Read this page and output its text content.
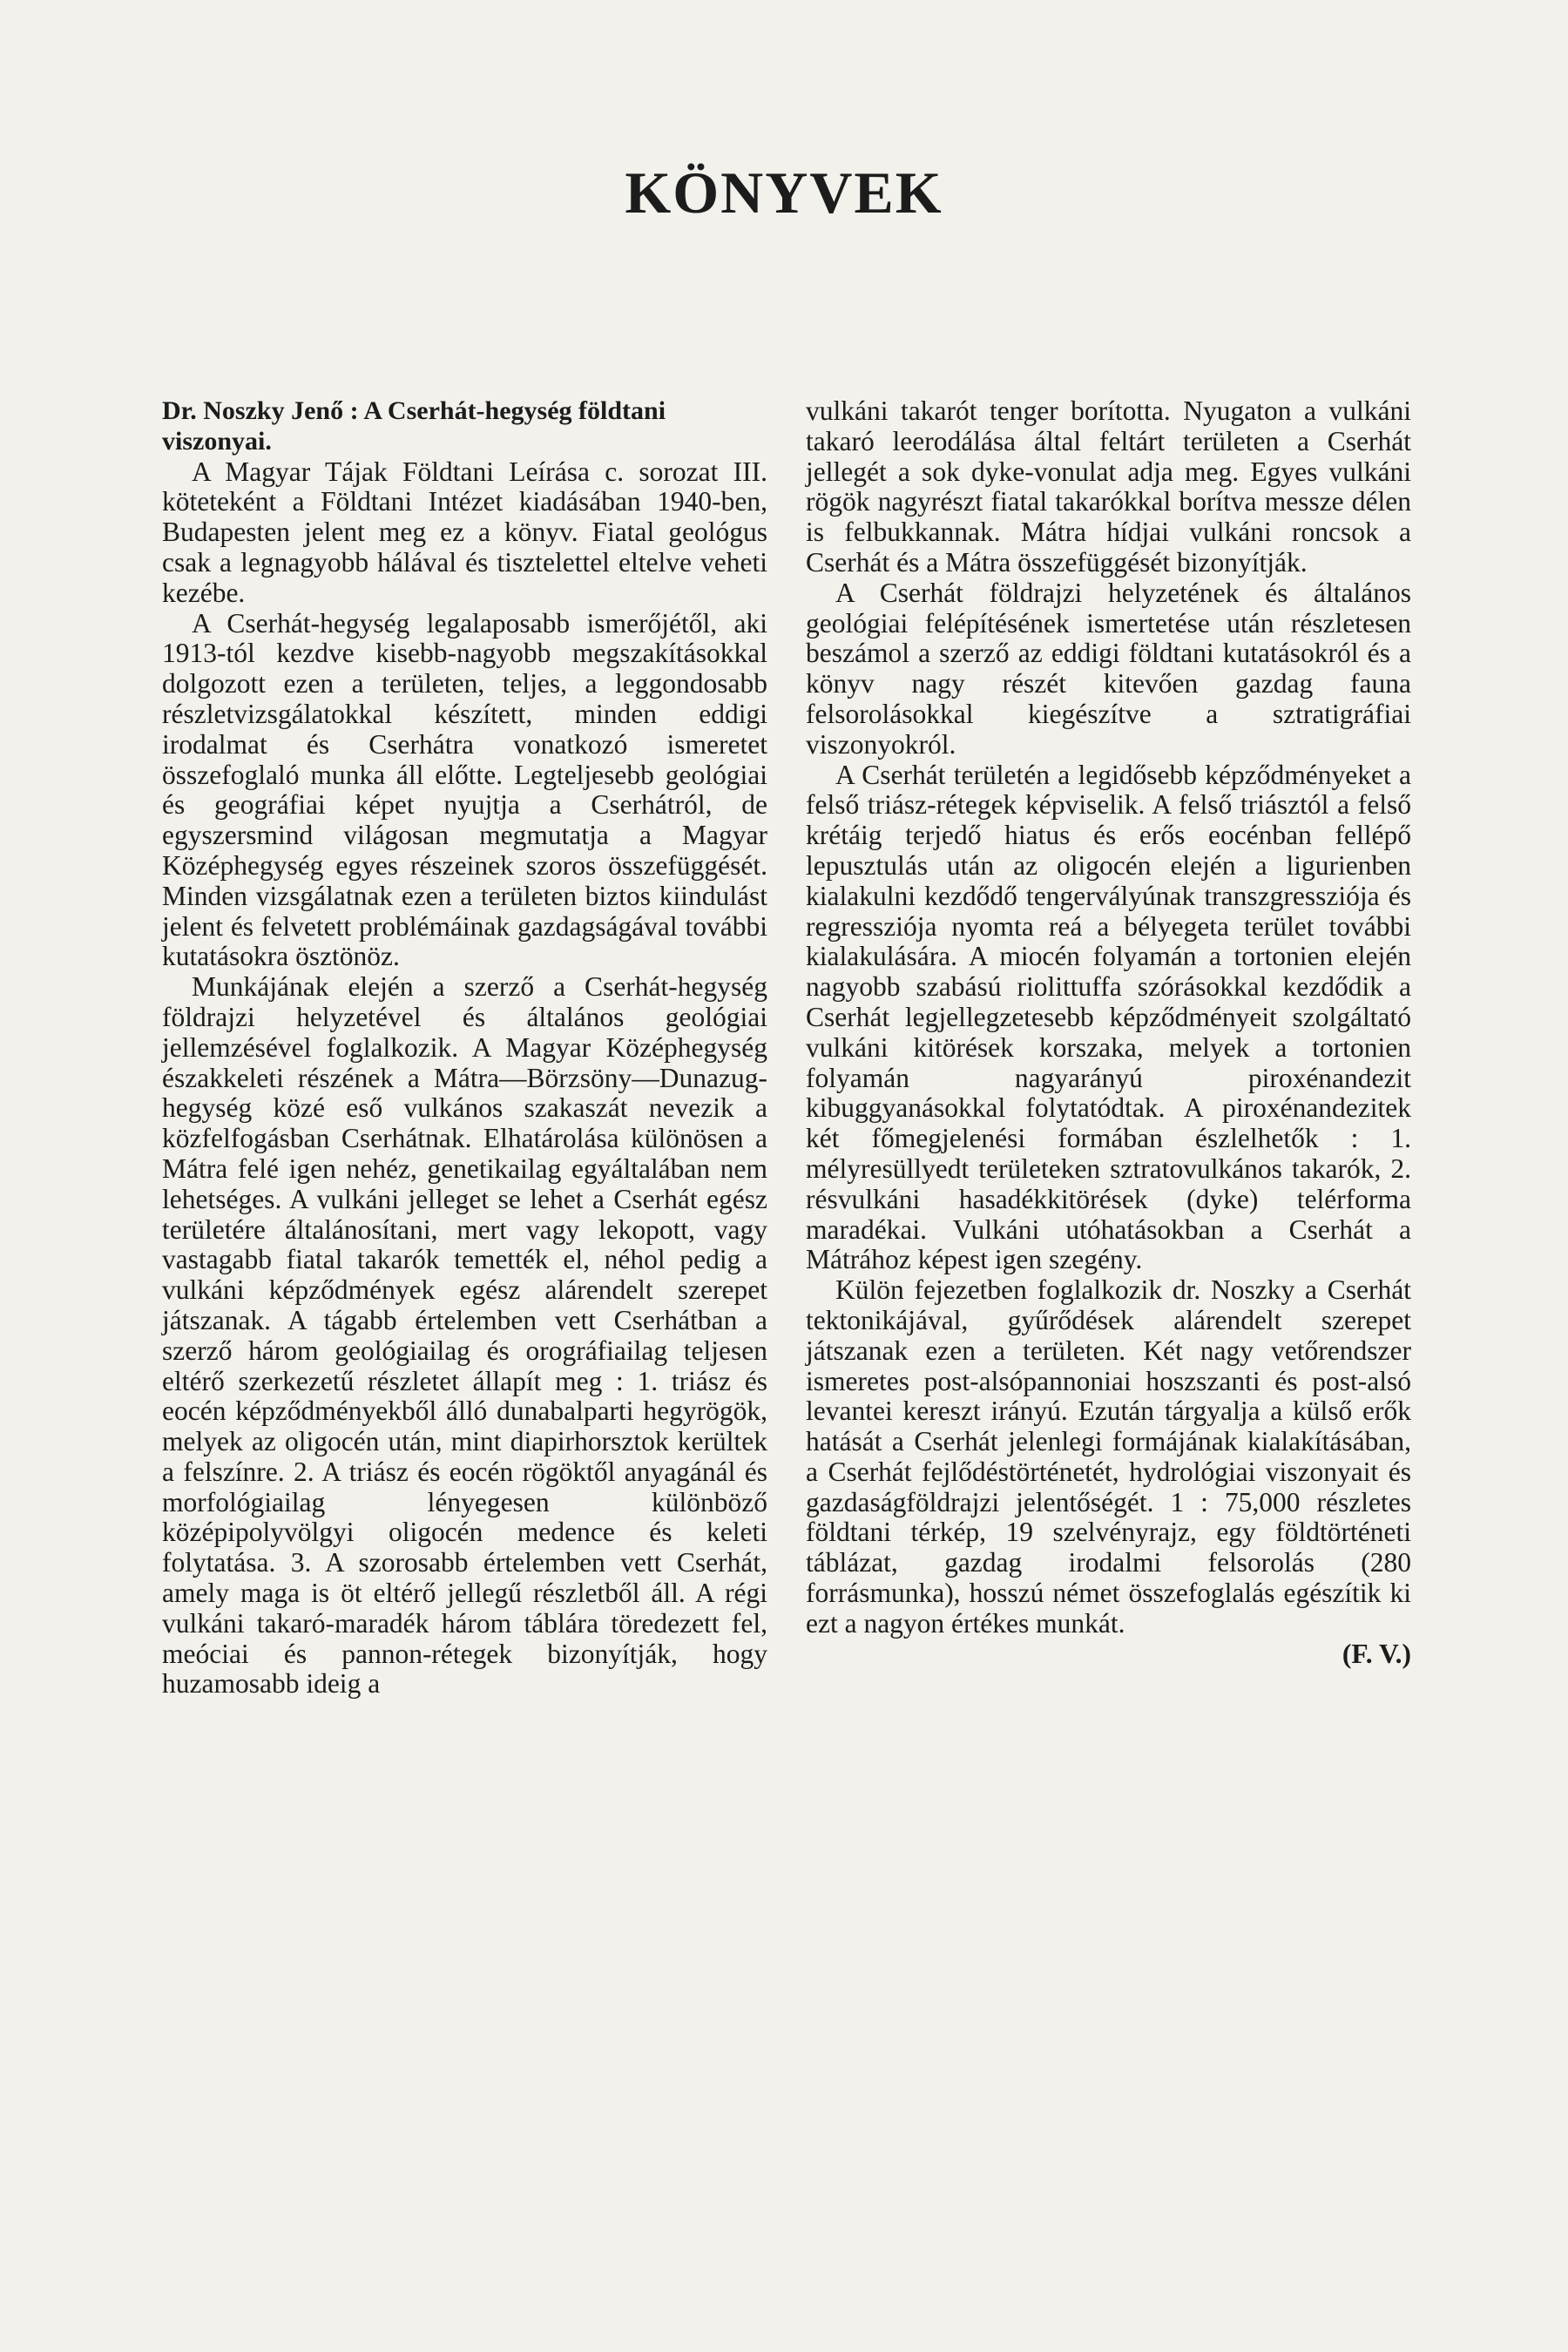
KÖNYVEK

Dr. Noszky Jenő : A Cserhát-hegység földtani viszonyai.

A Magyar Tájak Földtani Leírása c. sorozat III. köteteként a Földtani Intézet kiadásában 1940-ben, Budapesten jelent meg ez a könyv. Fiatal geológus csak a legnagyobb hálával és tisztelettel eltelve veheti kezébe.

A Cserhát-hegység legalaposabb ismerőjétől, aki 1913-tól kezdve kisebb-nagyobb megszakításokkal dolgozott ezen a területen, teljes, a leggondosabb részletvizsgálatokkal készített, minden eddigi irodalmat és Cserhátra vonatkozó ismeretet összefoglaló munka áll előtte. Legteljesebb geológiai és geográfiai képet nyujtja a Cserhátról, de egyszersmind világosan megmutatja a Magyar Középhegység egyes részeinek szoros összefüggését. Minden vizsgálatnak ezen a területen biztos kiindulást jelent és felvetett problémáinak gazdagságával további kutatásokra ösztönöz.

Munkájának elején a szerző a Cserhát-hegység földrajzi helyzetével és általános geológiai jellemzésével foglalkozik. A Magyar Középhegység északkeleti részének a Mátra—Börzsöny—Dunazug-hegység közé eső vulkános szakaszát nevezik a közfelfogásban Cserhátnak. Elhatárolása különösen a Mátra felé igen nehéz, genetikailag egyáltalában nem lehetséges. A vulkáni jelleget se lehet a Cserhát egész területére általánosítani, mert vagy lekopott, vagy vastagabb fiatal takarók temették el, néhol pedig a vulkáni képződmények egész alárendelt szerepet játszanak. A tágabb értelemben vett Cserhátban a szerző három geológiailag és orográfiailag teljesen eltérő szerkezetű részletet állapít meg : 1. triász és eocén képződményekből álló dunabalparti hegyrögök, melyek az oligocén után, mint diapirhorsztok kerültek a felszínre. 2. A triász és eocén rögöktől anyagánál és morfológiailag lényegesen különböző középipolyvölgyi oligocén medence és keleti folytatása. 3. A szorosabb értelemben vett Cserhát, amely maga is öt eltérő jellegű részletből áll. A régi vulkáni takaró-maradék három táblára töredezett fel, meóciai és pannon-rétegek bizonyítják, hogy huzamosabb ideig a

vulkáni takarót tenger borította. Nyugaton a vulkáni takaró leerodálása által feltárt területen a Cserhát jellegét a sok dyke-vonulat adja meg. Egyes vulkáni rögök nagyrészt fiatal takarókkal borítva messze délen is felbukkannak. Mátra hídjai vulkáni roncsok a Cserhát és a Mátra összefüggését bizonyítják.

A Cserhát földrajzi helyzetének és általános geológiai felépítésének ismertetése után részletesen beszámol a szerző az eddigi földtani kutatásokról és a könyv nagy részét kitevően gazdag fauna felsorolásokkal kiegészítve a sztratigráfiai viszonyokról.

A Cserhát területén a legidősebb képződményeket a felső triász-rétegek képviselik. A felső triásztól a felső krétáig terjedő hiatus és erős eocénban fellépő lepusztulás után az oligocén elején a ligurienben kialakulni kezdődő tengervályúnak transzgressziója és regressziója nyomta reá a bélyegeta terület további kialakulására. A miocén folyamán a tortonien elején nagyobb szabású riolittuffa szórásokkal kezdődik a Cserhát legjellegzetesebb képződményeit szolgáltató vulkáni kitörések korszaka, melyek a tortonien folyamán nagyarányú piroxénandezit kibuggyanásokkal folytatódtak. A piroxénandezitek két főmegjelenési formában észlelhetők : 1. mélyresüllyedt területeken sztratovulkános takarók, 2. résvulkáni hasadékkitörések (dyke) telérforma maradékai. Vulkáni utóhatásokban a Cserhát a Mátrához képest igen szegény.

Külön fejezetben foglalkozik dr. Noszky a Cserhát tektonikájával, gyűrődések alárendelt szerepet játszanak ezen a területen. Két nagy vetőrendszer ismeretes post-alsópannoniai hoszszanti és post-alsó levantei kereszt irányú. Ezután tárgyalja a külső erők hatását a Cserhát jelenlegi formájának kialakításában, a Cserhát fejlődéstörténetét, hydrológiai viszonyait és gazdaságföldrajzi jelentőségét. 1 : 75,000 részletes földtani térkép, 19 szelvényrajz, egy földtörténeti táblázat, gazdag irodalmi felsorolás (280 forrásmunka), hosszú német összefoglalás egészítik ki ezt a nagyon értékes munkát.

(F. V.)
